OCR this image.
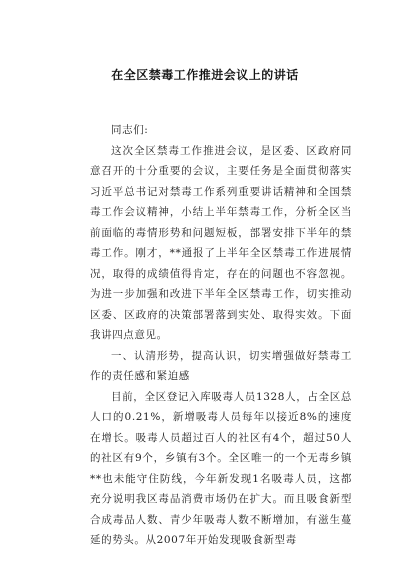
在全区禁毒工作推进会议上的讲话

同志们:

这次全区禁毒工作推进会议，是区委、区政府同意召开的十分重要的会议，主要任务是全面贯彻落实习近平总书记对禁毒工作系列重要讲话精神和全国禁毒工作会议精神，小结上半年禁毒工作，分析全区当前面临的毒情形势和问题短板，部署安排下半年的禁毒工作。刚才，**通报了上半年全区禁毒工作进展情况，取得的成绩值得肯定，存在的问题也不容忽视。为进一步加强和改进下半年全区禁毒工作，切实推动区委、区政府的决策部署落到实处、取得实效。下面我讲四点意见。

一、认清形势，提高认识，切实增强做好禁毒工作的责任感和紧迫感

目前，全区登记入库吸毒人员1328人，占全区总人口的0.21%，新增吸毒人员每年以接近8%的速度在增长。吸毒人员超过百人的社区有4个，超过50人的社区有9个，乡镇有3个。全区唯一的一个无毒乡镇**也未能守住防线，今年新发现1名吸毒人员，这都充分说明我区毒品消费市场仍在扩大。而且吸食新型合成毒品人数、青少年吸毒人数不断增加，有滋生蔓延的势头。从2007年开始发现吸食新型毒
